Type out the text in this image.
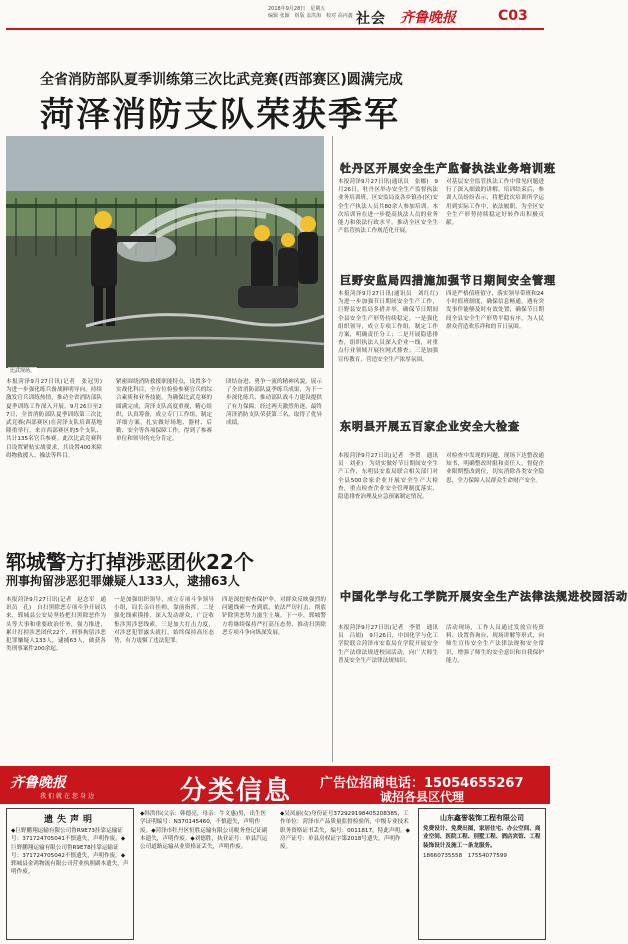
2018年9月28日　星期五
编辑 张颖　组版 盖洪海　校对 高丙鑫 社会 齐鲁晚报	C03
全省消防部队夏季训练第三次比武竞赛(西部赛区)圆满完成
菏泽消防支队荣获季军
比武现场。
本报菏泽9月27日讯(记者　张冠男)　为进一步强化练兵备战鲜明导向，持续激发官兵训练热情，推动全省消防部队夏季训练工作深入开展，9月26日至27日，全省消防部队夏季训练第三次比武竞赛(西部赛区)在菏泽支队培训基地隆重举行，来自西部赛区的5个支队、共计135名官兵参赛。此次比武竞赛科目设置紧贴实战要求，共设置400米障碍物救援人、操法等科目。
紧密围绕消防救援职能特点，设置多个实战化科目，全方位检验参赛官兵的综合素质和业务技能。为确保比武竞赛的圆满完成，菏泽支队高度重视，精心组织，认真筹备，成立专门工作组，制定详细方案，扎实做好场地、器材、后勤、安全等各项保障工作，得到了参赛单位和领导的充分肯定。
团结奋进、勇争一流的精神风貌，展示了全省消防部队夏季练兵成果，为下一步深化练兵、推动部队战斗力建设提供了有力保障。经过两天激烈角逐，最终菏泽消防支队荣获第三名，取得了优异成绩。
牡丹区开展安全生产监督执法业务培训班
本报菏泽9月27日讯(通讯员　张娜)　9月26日，牡丹区举办安全生产监督执法业务培训班，区安监局及各乡镇办(区)安全生产执法人员共80余人参加培训。本次培训旨在进一步提高执法人员的业务能力和依法行政水平，推动全区安全生产监管执法工作规范化开展。
对基层安全监管执法工作中常见问题进行了深入细致的讲解。培训结束后，参训人员纷纷表示，将把此次培训所学运用到实际工作中，依法履职，为全区安全生产形势持续稳定好转作出积极贡献。
巨野安监局四措施加强节日期间安全管理
本报菏泽9月27日讯(通讯员　刘红红)　为进一步加强节日期间安全生产工作，巨野县安监局多措并举，确保节日期间全县安全生产形势持续稳定。一是强化组织领导，成立专项工作组，制定工作方案，明确责任分工；二是开展隐患排查，组织执法人员深入企业一线，对重点行业领域开展拉网式排查；三是加强宣传教育，营造安全生产浓厚氛围。
四是严格值班值守，落实领导带班和24小时值班制度，确保信息畅通，遇有突发事件能够及时有效处置，确保节日期间全县安全生产形势平稳有序，为人民群众营造欢乐祥和的节日氛围。
东明县开展五百家企业安全大检查
本报菏泽9月27日讯(记者　李贺　通讯员　刘亚)　为切实做好节日期间安全生产工作，东明县安监局联合相关部门对全县500余家企业开展安全生产大检查，重点检查企业安全管理制度落实、隐患排查治理及应急预案制定情况。
对检查中发现的问题，现场下达整改通知书，明确整改时限和责任人，督促企业限期整改到位，切实消除各类安全隐患，全力保障人民群众生命财产安全。
中国化学与化工学院开展安全生产法律法规进校园活动
本报菏泽9月27日讯(记者　李贺　通讯员　吕娟)　9月26日，中国化学与化工学院联合菏泽市安监局在学院开展安全生产法律法规进校园活动，向广大师生普及安全生产法律法规知识。
活动现场，工作人员通过发放宣传资料、设置咨询台、现场讲解等形式，向师生宣传安全生产法律法规和安全常识，增强了师生的安全意识和自我保护能力。
郓城警方打掉涉恶团伙22个
刑事拘留涉恶犯罪嫌疑人133人，逮捕63人
本报菏泽9月27日讯(记者　赵念军　通讯员　孔)　自扫黑除恶专项斗争开展以来，郓城县公安局坚持把扫黑除恶作为头等大事和重要政治任务，强力推进，累计打掉涉恶团伙22个，刑事拘留涉恶犯罪嫌疑人133人，逮捕63人，破获各类刑事案件200余起。
一是加强组织领导，成立专项斗争领导小组，局长亲自挂帅，靠前指挥。二是强化线索摸排，深入发动群众，广泛收集涉黑涉恶线索。三是加大打击力度，对涉恶犯罪露头就打，始终保持高压态势，有力震慑了违法犯罪。
四是深挖彻查保护伞，对群众反映强烈的问题线索一查到底，依法严厉打击，彻底铲除黑恶势力滋生土壤。下一步，郓城警方将继续保持严打高压态势，推动扫黑除恶专项斗争向纵深发展。
齐鲁晚报
我们就在您身边	分类信息 广告位招商电话：15054655267
诚招各县区代理
遗失声明
◆巨野鹏翔运输有限公司鲁R9E73挂靠运输证号：371724705041不慎遗失，声明作废。◆巨野鹏翔运输有限公司鲁R9E78挂靠运输证号：371724705042不慎遗失，声明作废。◆郓城县金鸿物流有限公司营业执照副本遗失，声明作废。
◆韩洪伟(父亲：韩德亮，母亲：牛文惠)男，出生医学证明编号：N370145460，不慎遗失，声明作废。◆菏泽市牡丹区恒胜运输有限公司税务登记证副本遗失，声明作废。◆刘德胜，执业证号：单县汽运公司道路运输从业资格证丢失，声明作废。
◆吴凤丽(女)身份证号372929198405208385，工作单位：菏泽市产品质量监督检验所，中级专业技术职务资格证书丢失，编号：0011817，特此声明。◆房产证号：单县房权证字第2018号遗失，声明作废。
山东鑫誉装饰工程有限公司
免费设计、免费出图，家居住宅、办公空间、商业空间、医院工程、别墅工程、酒店宾馆、工程装饰设计及施工一条龙服务。
18660735558　17554077599
